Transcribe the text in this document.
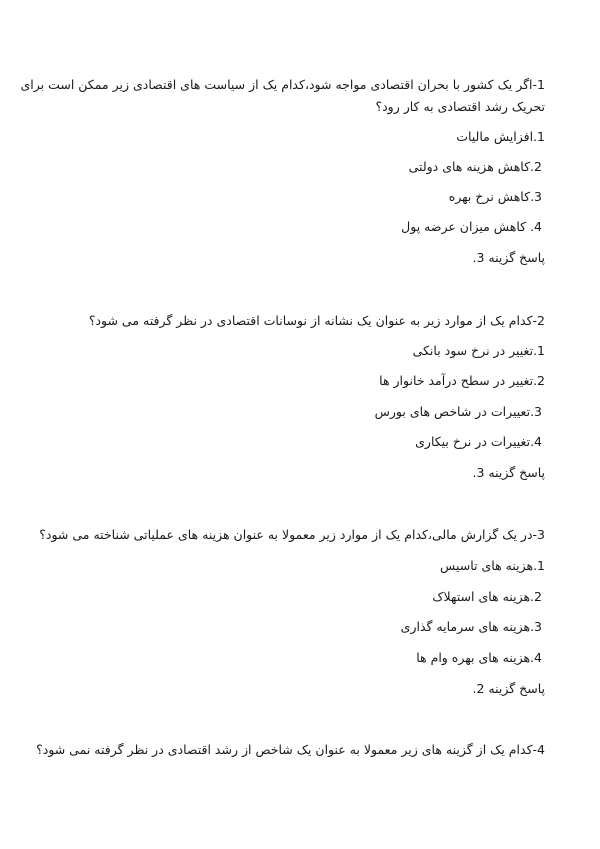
1-اگر یک کشور با بحران اقتصادی مواجه شود،کدام یک از سیاست های اقتصادی زیر ممکن است برای
تحریک رشد اقتصادی به کار رود؟
1.افزایش مالیات
2.کاهش هزینه های دولتی
3.کاهش نرخ بهره
4. کاهش میزان عرضه پول
پاسخ گزینه 3.
2-کدام یک از موارد زیر به عنوان یک نشانه از نوسانات اقتصادی در نظر گرفته می شود؟
1.تغییر در نرخ سود بانکی
2.تغییر در سطح درآمد خانوار ها
3.تعییرات در شاخص های بورس
4.تغییرات در نرخ بیکاری
پاسخ گزینه 3.
3-در یک گزارش مالی،کدام یک از موارد زیر معمولا به عنوان هزینه های عملیاتی شناخته می شود؟
1.هزینه های تاسیس
2.هزینه های استهلاک
3.هزینه های سرمایه گذاری
4.هزینه های بهره وام ها
پاسخ گزینه 2.
4-کدام یک از گزینه های زیر معمولا به عنوان یک شاخص از رشد اقتصادی در نظر گرفته نمی شود؟
